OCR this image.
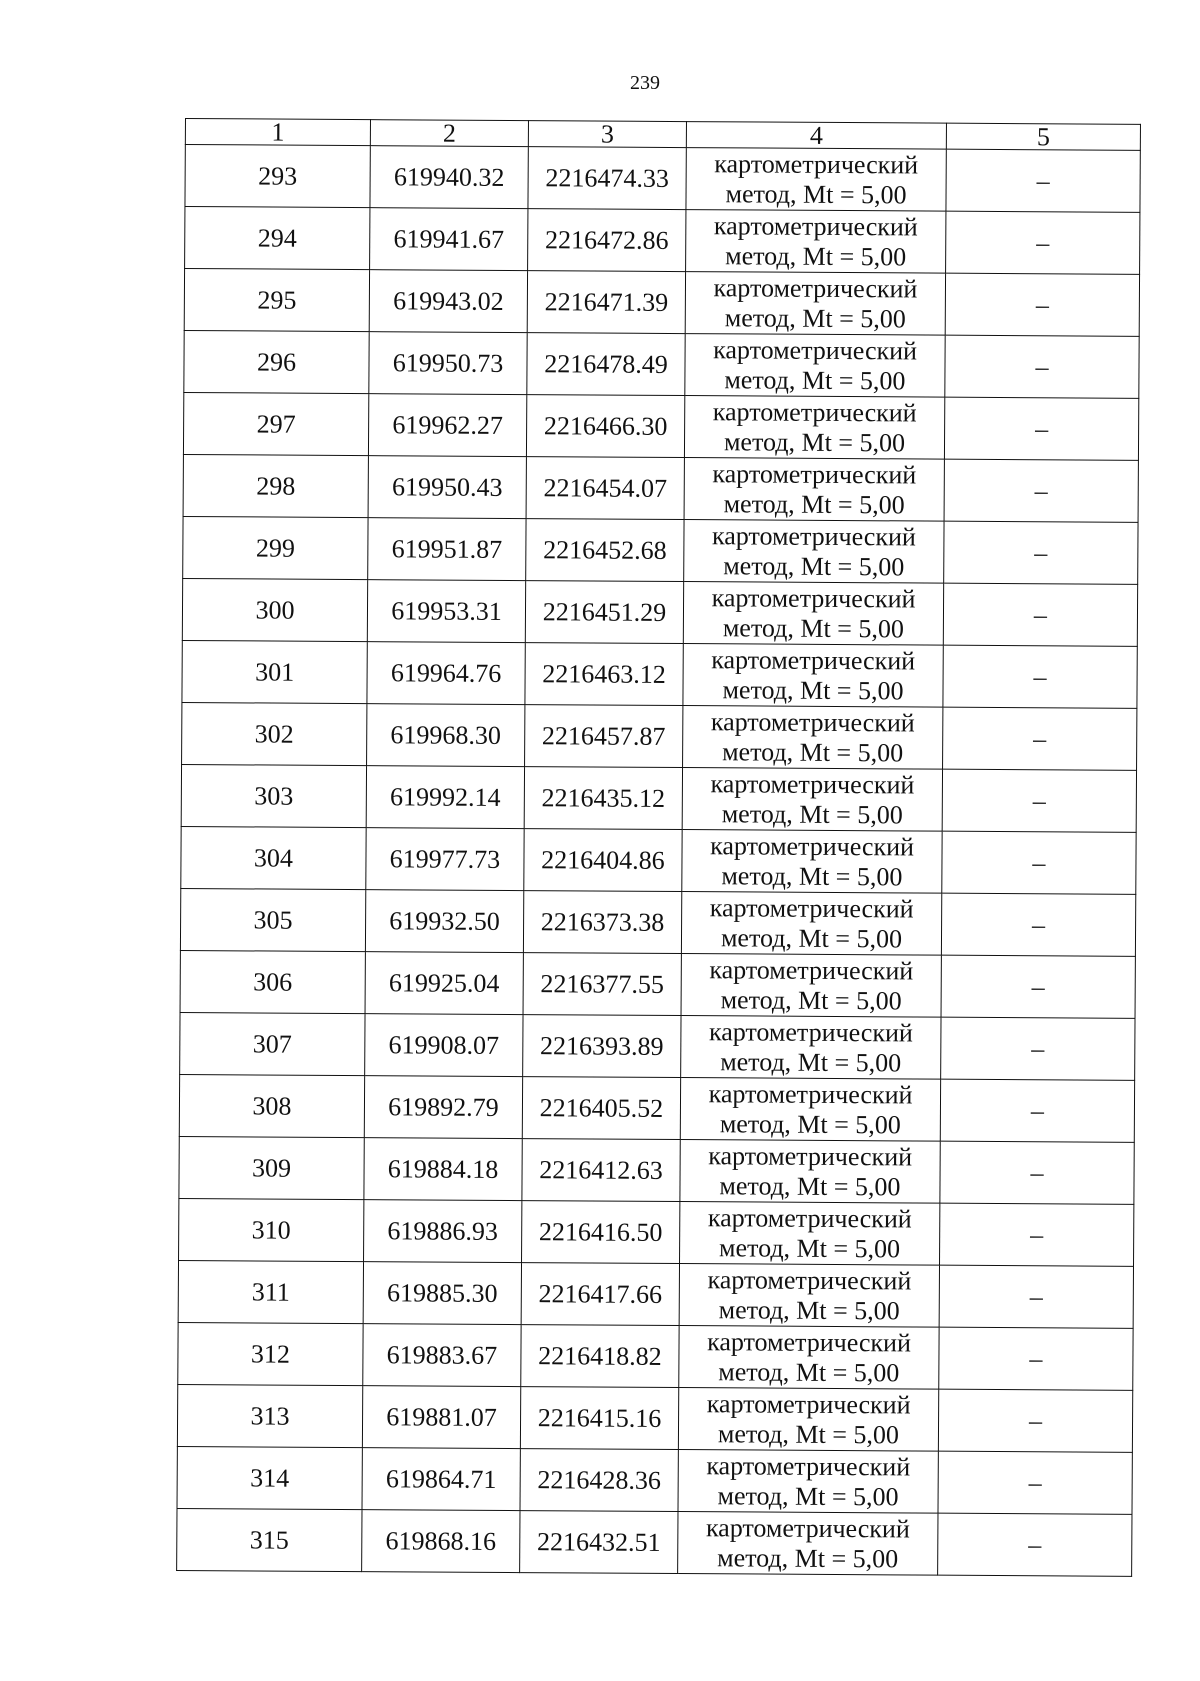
239
1	2	3	4	5
293	619940.32	2216474.33	картометрический
метод, Mt = 5,00	–
294	619941.67	2216472.86	картометрический
метод, Mt = 5,00	–
295	619943.02	2216471.39	картометрический
метод, Mt = 5,00	–
296	619950.73	2216478.49	картометрический
метод, Mt = 5,00	–
297	619962.27	2216466.30	картометрический
метод, Mt = 5,00	–
298	619950.43	2216454.07	картометрический
метод, Mt = 5,00	–
299	619951.87	2216452.68	картометрический
метод, Mt = 5,00	–
300	619953.31	2216451.29	картометрический
метод, Mt = 5,00	–
301	619964.76	2216463.12	картометрический
метод, Mt = 5,00	–
302	619968.30	2216457.87	картометрический
метод, Mt = 5,00	–
303	619992.14	2216435.12	картометрический
метод, Mt = 5,00	–
304	619977.73	2216404.86	картометрический
метод, Mt = 5,00	–
305	619932.50	2216373.38	картометрический
метод, Mt = 5,00	–
306	619925.04	2216377.55	картометрический
метод, Mt = 5,00	–
307	619908.07	2216393.89	картометрический
метод, Mt = 5,00	–
308	619892.79	2216405.52	картометрический
метод, Mt = 5,00	–
309	619884.18	2216412.63	картометрический
метод, Mt = 5,00	–
310	619886.93	2216416.50	картометрический
метод, Mt = 5,00	–
311	619885.30	2216417.66	картометрический
метод, Mt = 5,00	–
312	619883.67	2216418.82	картометрический
метод, Mt = 5,00	–
313	619881.07	2216415.16	картометрический
метод, Mt = 5,00	–
314	619864.71	2216428.36	картометрический
метод, Mt = 5,00	–
315	619868.16	2216432.51	картометрический
метод, Mt = 5,00	–
